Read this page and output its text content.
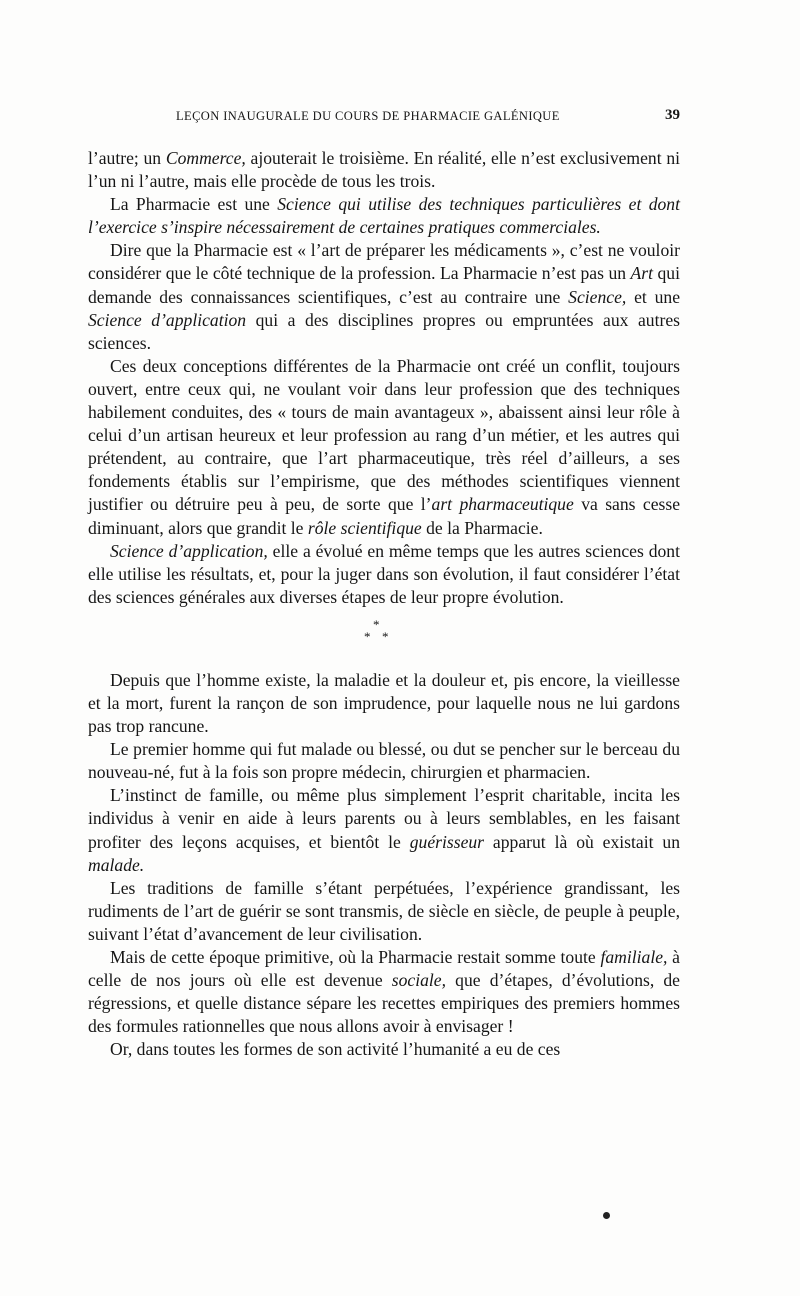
LEÇON INAUGURALE DU COURS DE PHARMACIE GALÉNIQUE	39

l’autre; un Commerce, ajouterait le troisième. En réalité, elle n’est exclusivement ni l’un ni l’autre, mais elle procède de tous les trois.

La Pharmacie est une Science qui utilise des techniques particulières et dont l’exercice s’inspire nécessairement de certaines pratiques commerciales.

Dire que la Pharmacie est « l’art de préparer les médicaments », c’est ne vouloir considérer que le côté technique de la profession. La Pharmacie n’est pas un Art qui demande des connaissances scientifiques, c’est au contraire une Science, et une Science d’application qui a des disciplines propres ou empruntées aux autres sciences.

Ces deux conceptions différentes de la Pharmacie ont créé un conflit, toujours ouvert, entre ceux qui, ne voulant voir dans leur profession que des techniques habilement conduites, des « tours de main avantageux », abaissent ainsi leur rôle à celui d’un artisan heureux et leur profession au rang d’un métier, et les autres qui prétendent, au contraire, que l’art pharmaceutique, très réel d’ailleurs, a ses fondements établis sur l’empirisme, que des méthodes scientifiques viennent justifier ou détruire peu à peu, de sorte que l’art pharmaceutique va sans cesse diminuant, alors que grandit le rôle scientifique de la Pharmacie.

Science d’application, elle a évolué en même temps que les autres sciences dont elle utilise les résultats, et, pour la juger dans son évolution, il faut considérer l’état des sciences générales aux diverses étapes de leur propre évolution.

*
* *

Depuis que l’homme existe, la maladie et la douleur et, pis encore, la vieillesse et la mort, furent la rançon de son imprudence, pour laquelle nous ne lui gardons pas trop rancune.

Le premier homme qui fut malade ou blessé, ou dut se pencher sur le berceau du nouveau-né, fut à la fois son propre médecin, chirurgien et pharmacien.

L’instinct de famille, ou même plus simplement l’esprit charitable, incita les individus à venir en aide à leurs parents ou à leurs semblables, en les faisant profiter des leçons acquises, et bientôt le guérisseur apparut là où existait un malade.

Les traditions de famille s’étant perpétuées, l’expérience grandissant, les rudiments de l’art de guérir se sont transmis, de siècle en siècle, de peuple à peuple, suivant l’état d’avancement de leur civilisation.

Mais de cette époque primitive, où la Pharmacie restait somme toute familiale, à celle de nos jours où elle est devenue sociale, que d’étapes, d’évolutions, de régressions, et quelle distance sépare les recettes empiriques des premiers hommes des formules rationnelles que nous allons avoir à envisager !

Or, dans toutes les formes de son activité l’humanité a eu de ces
